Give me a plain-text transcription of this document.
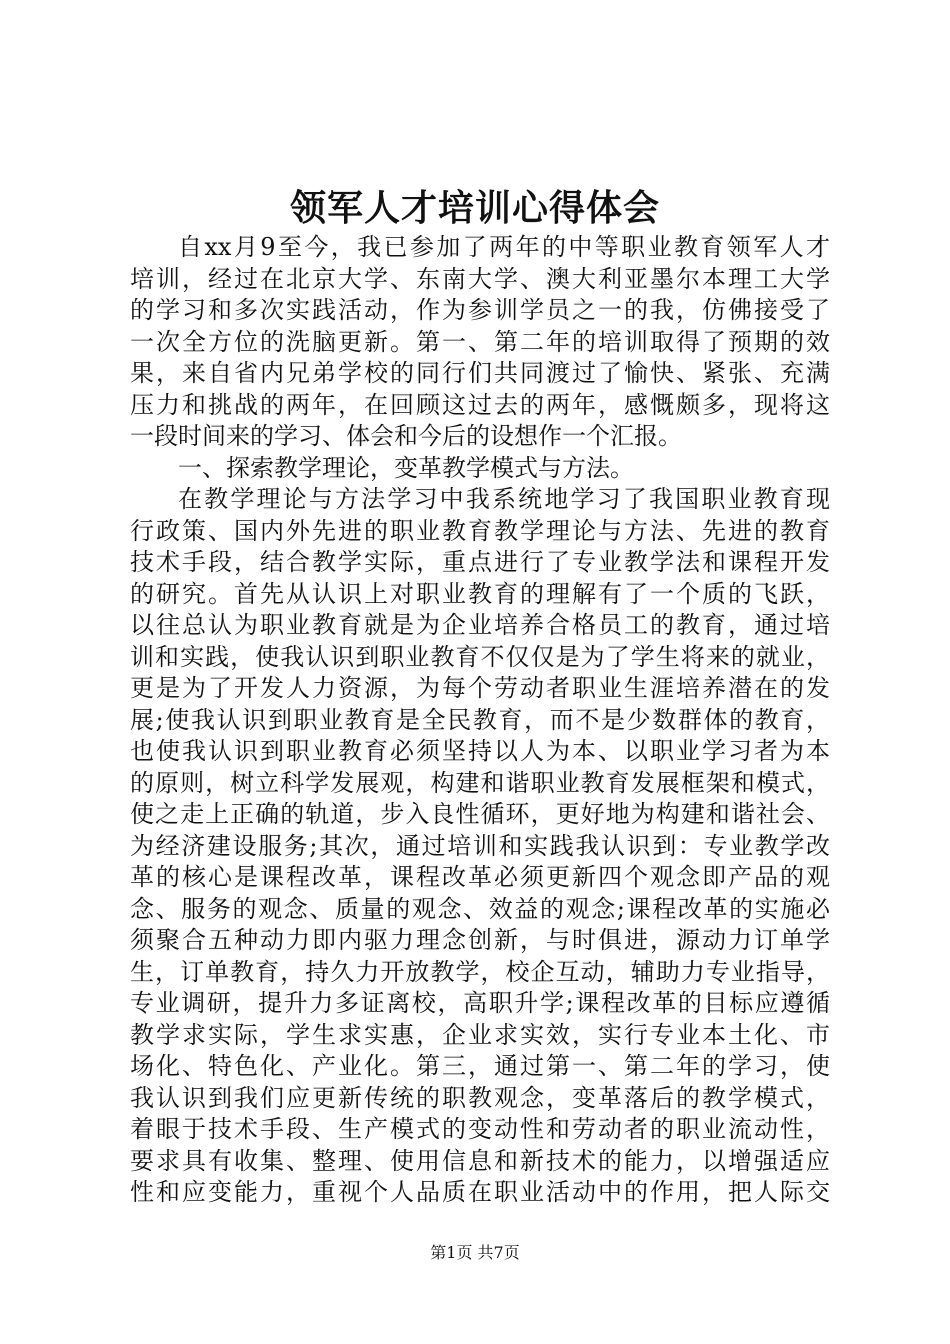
领军人才培训心得体会
自xx月9至今，我已参加了两年的中等职业教育领军人才
培训，经过在北京大学、东南大学、澳大利亚墨尔本理工大学
的学习和多次实践活动，作为参训学员之一的我，仿佛接受了
一次全方位的洗脑更新。第一、第二年的培训取得了预期的效
果，来自省内兄弟学校的同行们共同渡过了愉快、紧张、充满
压力和挑战的两年，在回顾这过去的两年，感慨颇多，现将这
一段时间来的学习、体会和今后的设想作一个汇报。
一、探索教学理论，变革教学模式与方法。
在教学理论与方法学习中我系统地学习了我国职业教育现
行政策、国内外先进的职业教育教学理论与方法、先进的教育
技术手段，结合教学实际，重点进行了专业教学法和课程开发
的研究。首先从认识上对职业教育的理解有了一个质的飞跃，
以往总认为职业教育就是为企业培养合格员工的教育，通过培
训和实践，使我认识到职业教育不仅仅是为了学生将来的就业，
更是为了开发人力资源，为每个劳动者职业生涯培养潜在的发
展;使我认识到职业教育是全民教育，而不是少数群体的教育，
也使我认识到职业教育必须坚持以人为本、以职业学习者为本
的原则，树立科学发展观，构建和谐职业教育发展框架和模式，
使之走上正确的轨道，步入良性循环，更好地为构建和谐社会、
为经济建设服务;其次，通过培训和实践我认识到：专业教学改
革的核心是课程改革，课程改革必须更新四个观念即产品的观
念、服务的观念、质量的观念、效益的观念;课程改革的实施必
须聚合五种动力即内驱力理念创新，与时俱进，源动力订单学
生，订单教育，持久力开放教学，校企互动，辅助力专业指导，
专业调研，提升力多证离校，高职升学;课程改革的目标应遵循
教学求实际，学生求实惠，企业求实效，实行专业本土化、市
场化、特色化、产业化。第三，通过第一、第二年的学习，使
我认识到我们应更新传统的职教观念，变革落后的教学模式，
着眼于技术手段、生产模式的变动性和劳动者的职业流动性，
要求具有收集、整理、使用信息和新技术的能力，以增强适应
性和应变能力，重视个人品质在职业活动中的作用，把人际交
第1页 共7页
